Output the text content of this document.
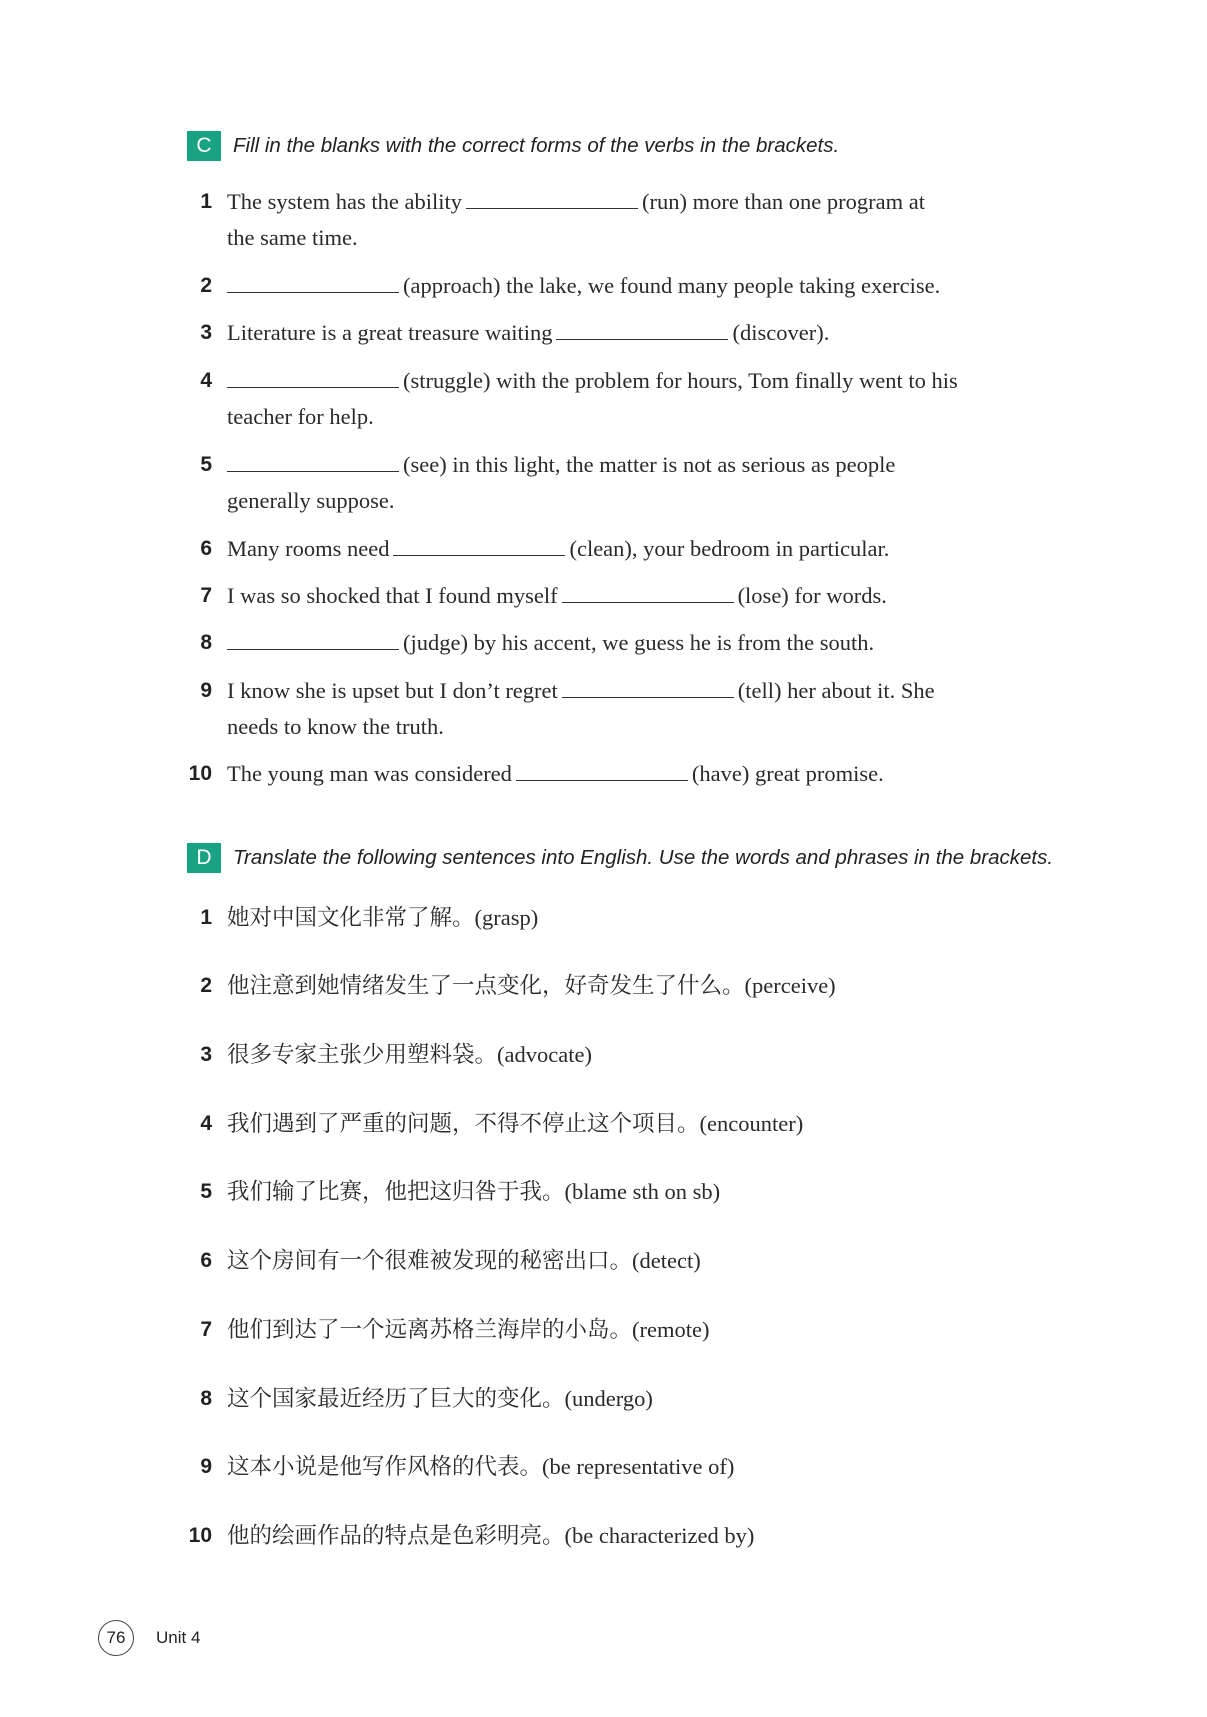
C	Fill in the blanks with the correct forms of the verbs in the brackets.
1 The system has the ability	(run) more than one program at
the same time.
2	(approach) the lake, we found many people taking exercise.
3 Literature is a great treasure waiting	(discover).
4	(struggle) with the problem for hours, Tom finally went to his
teacher for help.
5	(see) in this light, the matter is not as serious as people
generally suppose.
6 Many rooms need	(clean), your bedroom in particular.
7 I was so shocked that I found myself	(lose) for words.
8	(judge) by his accent, we guess he is from the south.
9 I know she is upset but I don’t regret	(tell) her about it. She
needs to know the truth.
10 The young man was considered	(have) great promise.
D	Translate the following sentences into English. Use the words and phrases in the brackets.
1 她对中国文化非常了解。(grasp)
2 他注意到她情绪发生了一点变化，好奇发生了什么。(perceive)
3 很多专家主张少用塑料袋。(advocate)
4 我们遇到了严重的问题，不得不停止这个项目。(encounter)
5 我们输了比赛，他把这归咎于我。(blame sth on sb)
6 这个房间有一个很难被发现的秘密出口。(detect)
7 他们到达了一个远离苏格兰海岸的小岛。(remote)
8 这个国家最近经历了巨大的变化。(undergo)
9 这本小说是他写作风格的代表。(be representative of)
10 他的绘画作品的特点是色彩明亮。(be characterized by)
76	Unit 4
